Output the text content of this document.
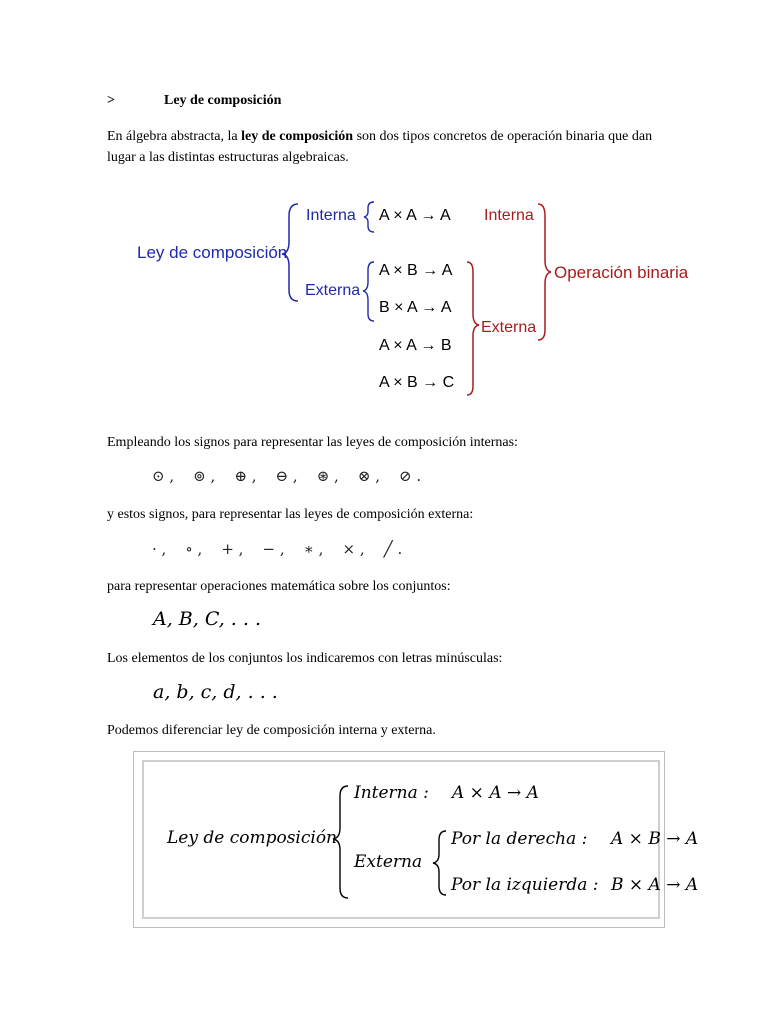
>	Ley de composición
En álgebra abstracta, la ley de composición son dos tipos concretos de operación binaria que dan lugar a las distintas estructuras algebraicas.
Ley de composición
Interna
Externa
A × A → A
A × B → A
B × A → A
A × A → B
A × B → C
Interna
Externa
Operación binaria
Empleando los signos para representar las leyes de composición internas:
⊙ ,    ⊚ ,    ⊕ ,    ⊖ ,    ⊛ ,    ⊗ ,    ⊘ .
y estos signos, para representar las leyes de composición externa:
· ,    ∘ ,    + ,    − ,    ∗ ,    × ,    ╱ .
para representar operaciones matemática sobre los conjuntos:
A, B, C, . . .
Los elementos de los conjuntos los indicaremos con letras minúsculas:
a, b, c, d, . . .
Podemos diferenciar ley de composición interna y externa.
Ley de composición
Interna : A × A → A
Externa
Por la derecha : A × B → A
Por la izquierda : B × A → A
